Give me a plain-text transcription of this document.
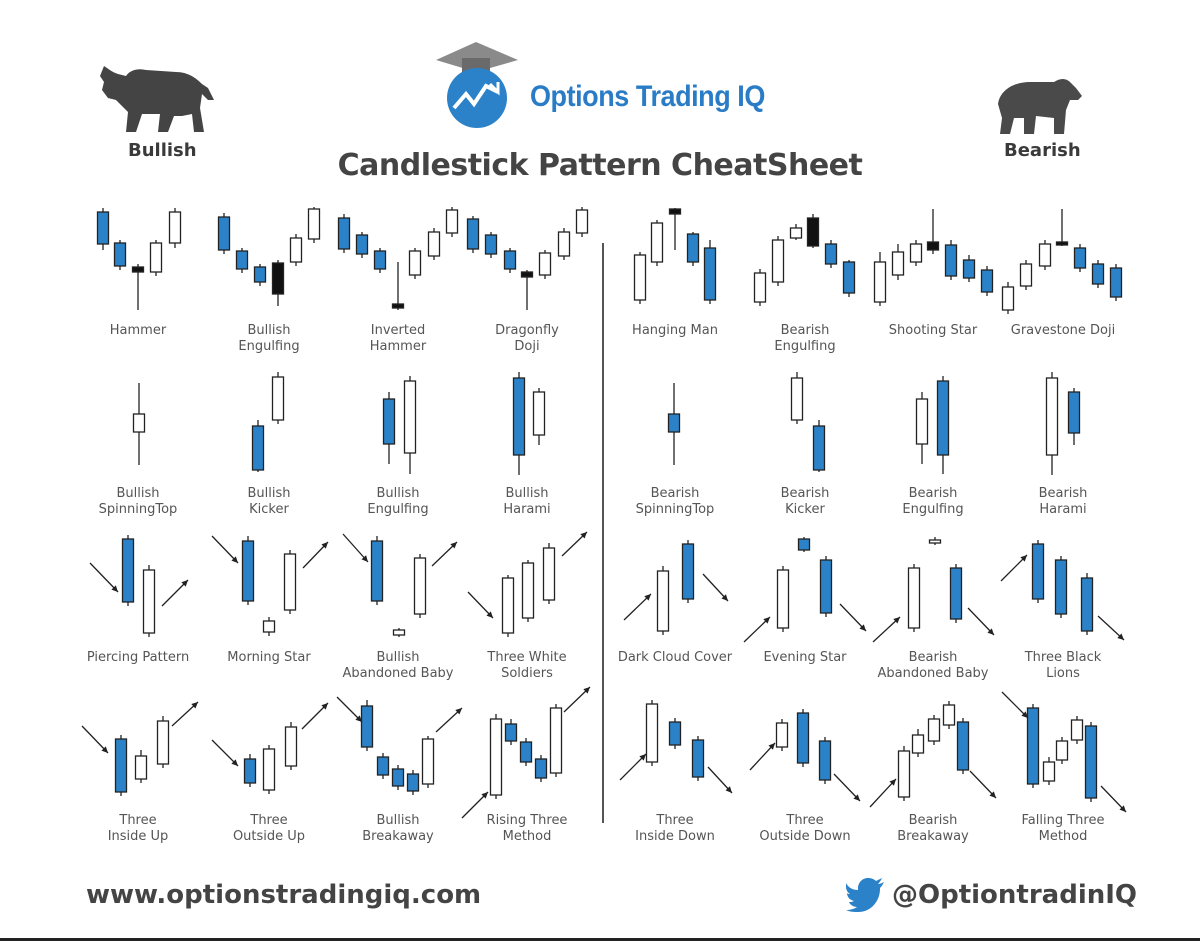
Bullish	Bearish
Options Trading IQ
Candlestick Pattern CheatSheet
Hammer	Bullish
Engulfing
Inverted
Hammer
Dragonfly
Doji
Bullish
SpinningTop
Bullish
Kicker
Bullish
Engulfing
Bullish
Harami
Piercing Pattern	Morning Star	Bullish
Abandoned Baby
Three White
Soldiers
Three
Inside Up
Three
Outside Up
Bullish
Breakaway
Rising Three
Method
Hanging Man	Bearish
Engulfing
Shooting Star	Gravestone Doji
Bearish
SpinningTop
Bearish
Kicker
Bearish
Engulfing
Bearish
Harami
Dark Cloud Cover	Evening Star	Bearish
Abandoned Baby
Three Black
Lions
Three
Inside Down
Three
Outside Down
Bearish
Breakaway
Falling Three
Method
www.optionstradingiq.com	@OptiontradinIQ
